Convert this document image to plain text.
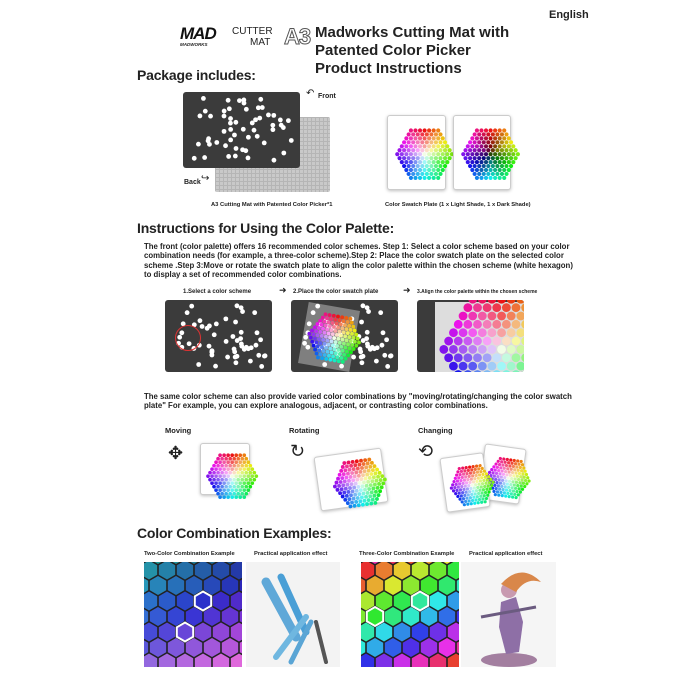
English
MAD
MADWORKS
CUTTER
MAT A3 Madworks Cutting Mat with
Patented Color Picker
Product Instructions
Package includes:
↶ Front
Back ↪
A3 Cutting Mat with Patented Color Picker*1	Color Swatch Plate (1 x Light Shade, 1 x Dark Shade)
Instructions for Using the Color Palette:
The front (color palette) offers 16 recommended color schemes. Step 1: Select a color scheme based on your color combination needs (for example, a three-color scheme).Step 2: Place the color swatch plate on the selected color scheme .Step 3:Move or rotate the swatch plate to align the color palette within the chosen scheme (white hexagon) to display a set of recommended color combinations.
1.Select a color scheme	➜ 2.Place the color swatch plate	➜ 3.Align the color palette within the chosen scheme
The same color scheme can also provide varied color combinations by "moving/rotating/changing the color swatch plate" For example, you can explore analogous, adjacent, or contrasting color combinations.
Moving
✥
Rotating
↻
Changing
⟲
Color Combination Examples:
Two-Color Combination Example	Practical application effect	Three-Color Combination Example	Practical application effect
